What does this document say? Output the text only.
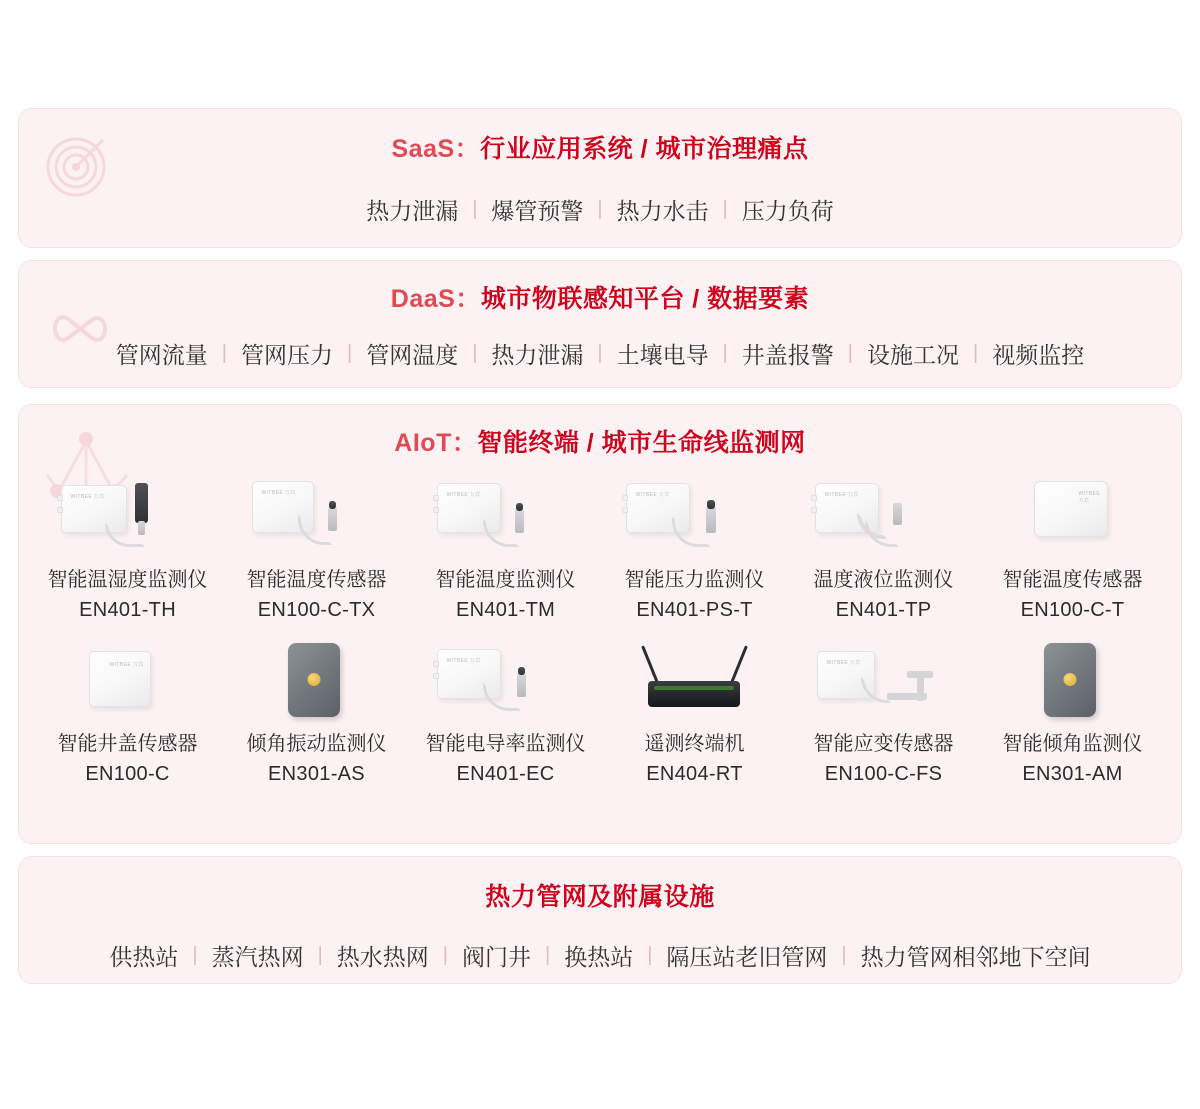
SaaS：行业应用系统 / 城市治理痛点
热力泄漏 | 爆管预警 | 热力水击 | 压力负荷
DaaS：城市物联感知平台 / 数据要素
管网流量 | 管网压力 | 管网温度 | 热力泄漏 | 土壤电导 | 井盖报警 | 设施工况 | 视频监控
AIoT：智能终端 / 城市生命线监测网
WITBEE 万宾
智能温湿度监测仪
EN401-TH
WITBEE 万宾
智能温度传感器
EN100-C-TX
WITBEE 万宾
智能温度监测仪
EN401-TM
WITBEE 万宾
智能压力监测仪
EN401-PS-T
WITBEE 万宾
温度液位监测仪
EN401-TP
WITBEE 万宾
智能温度传感器
EN100-C-T
WITBEE 万宾
智能井盖传感器
EN100-C
倾角振动监测仪
EN301-AS
WITBEE 万宾
智能电导率监测仪
EN401-EC
遥测终端机
EN404-RT
WITBEE 万宾
智能应变传感器
EN100-C-FS
智能倾角监测仪
EN301-AM
热力管网及附属设施
供热站 | 蒸汽热网 | 热水热网 | 阀门井 | 换热站 | 隔压站老旧管网 | 热力管网相邻地下空间
